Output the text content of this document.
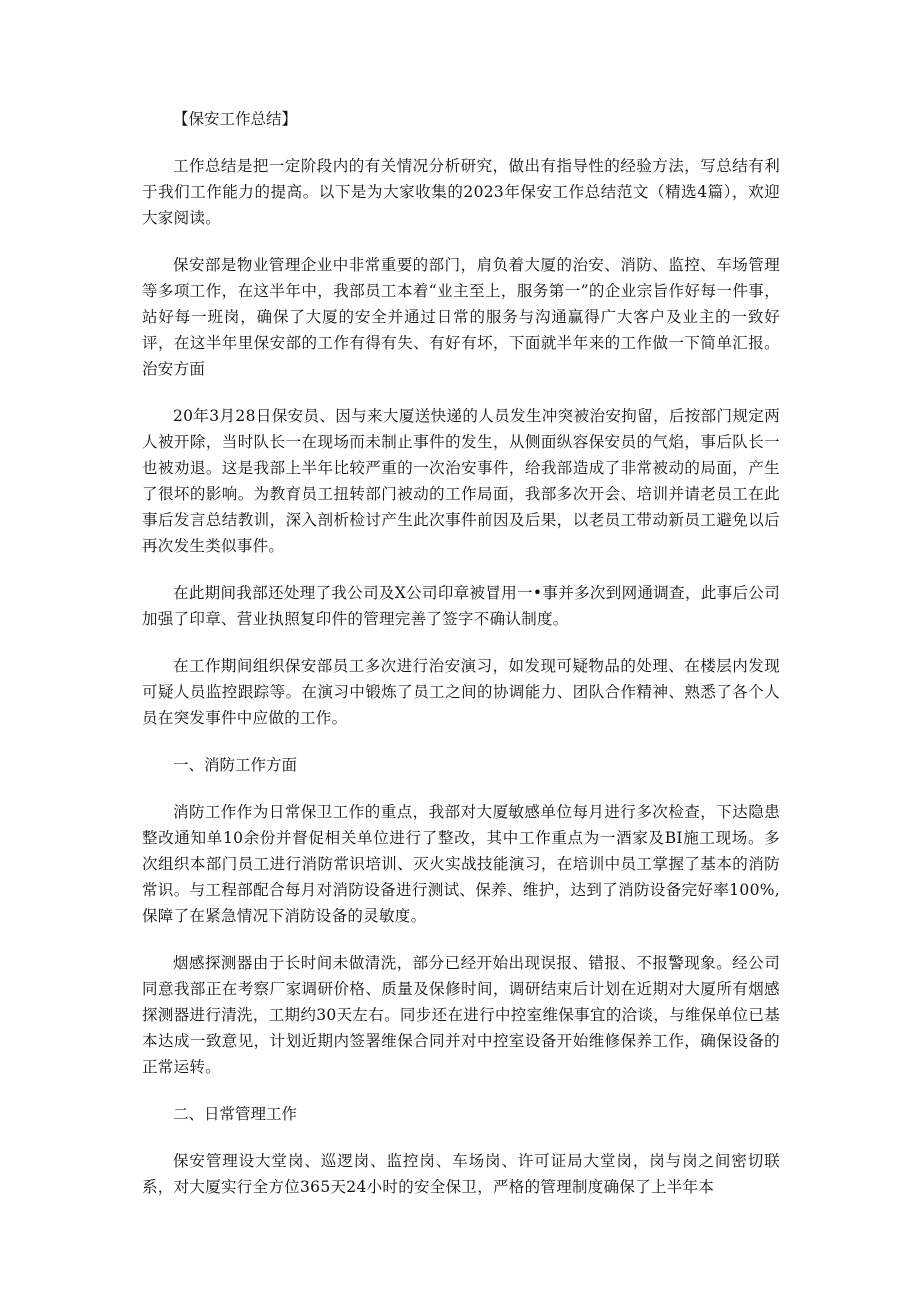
【保安工作总结】

工作总结是把一定阶段内的有关情况分析研究，做出有指导性的经验方法，写总结有利于我们工作能力的提高。以下是为大家收集的2023年保安工作总结范文（精选4篇），欢迎大家阅读。

保安部是物业管理企业中非常重要的部门，肩负着大厦的治安、消防、监控、车场管理等多项工作，在这半年中，我部员工本着“业主至上，服务第一”的企业宗旨作好每一件事，站好每一班岗，确保了大厦的安全并通过日常的服务与沟通赢得广大客户及业主的一致好评，在这半年里保安部的工作有得有失、有好有坏，下面就半年来的工作做一下简单汇报。治安方面

20年3月28日保安员、因与来大厦送快递的人员发生冲突被治安拘留，后按部门规定两人被开除，当时队长一在现场而未制止事件的发生，从侧面纵容保安员的气焰，事后队长一也被劝退。这是我部上半年比较严重的一次治安事件，给我部造成了非常被动的局面，产生了很坏的影响。为教育员工扭转部门被动的工作局面，我部多次开会、培训并请老员工在此事后发言总结教训，深入剖析检讨产生此次事件前因及后果，以老员工带动新员工避免以后再次发生类似事件。

在此期间我部还处理了我公司及X公司印章被冒用一•事并多次到网通调查，此事后公司加强了印章、营业执照复印件的管理完善了签字不确认制度。

在工作期间组织保安部员工多次进行治安演习，如发现可疑物品的处理、在楼层内发现可疑人员监控跟踪等。在演习中锻炼了员工之间的协调能力、团队合作精神、熟悉了各个人员在突发事件中应做的工作。

一、消防工作方面

消防工作作为日常保卫工作的重点，我部对大厦敏感单位每月进行多次检查，下达隐患整改通知单10余份并督促相关单位进行了整改，其中工作重点为一酒家及BI施工现场。多次组织本部门员工进行消防常识培训、灭火实战技能演习，在培训中员工掌握了基本的消防常识。与工程部配合每月对消防设备进行测试、保养、维护，达到了消防设备完好率100%,保障了在紧急情况下消防设备的灵敏度。

烟感探测器由于长时间未做清洗，部分已经开始出现误报、错报、不报警现象。经公司同意我部正在考察厂家调研价格、质量及保修时间，调研结束后计划在近期对大厦所有烟感探测器进行清洗，工期约30天左右。同步还在进行中控室维保事宜的洽谈，与维保单位已基本达成一致意见，计划近期内签署维保合同并对中控室设备开始维修保养工作，确保设备的正常运转。

二、日常管理工作

保安管理设大堂岗、巡逻岗、监控岗、车场岗、许可证局大堂岗，岗与岗之间密切联系，对大厦实行全方位365天24小时的安全保卫，严格的管理制度确保了上半年本
